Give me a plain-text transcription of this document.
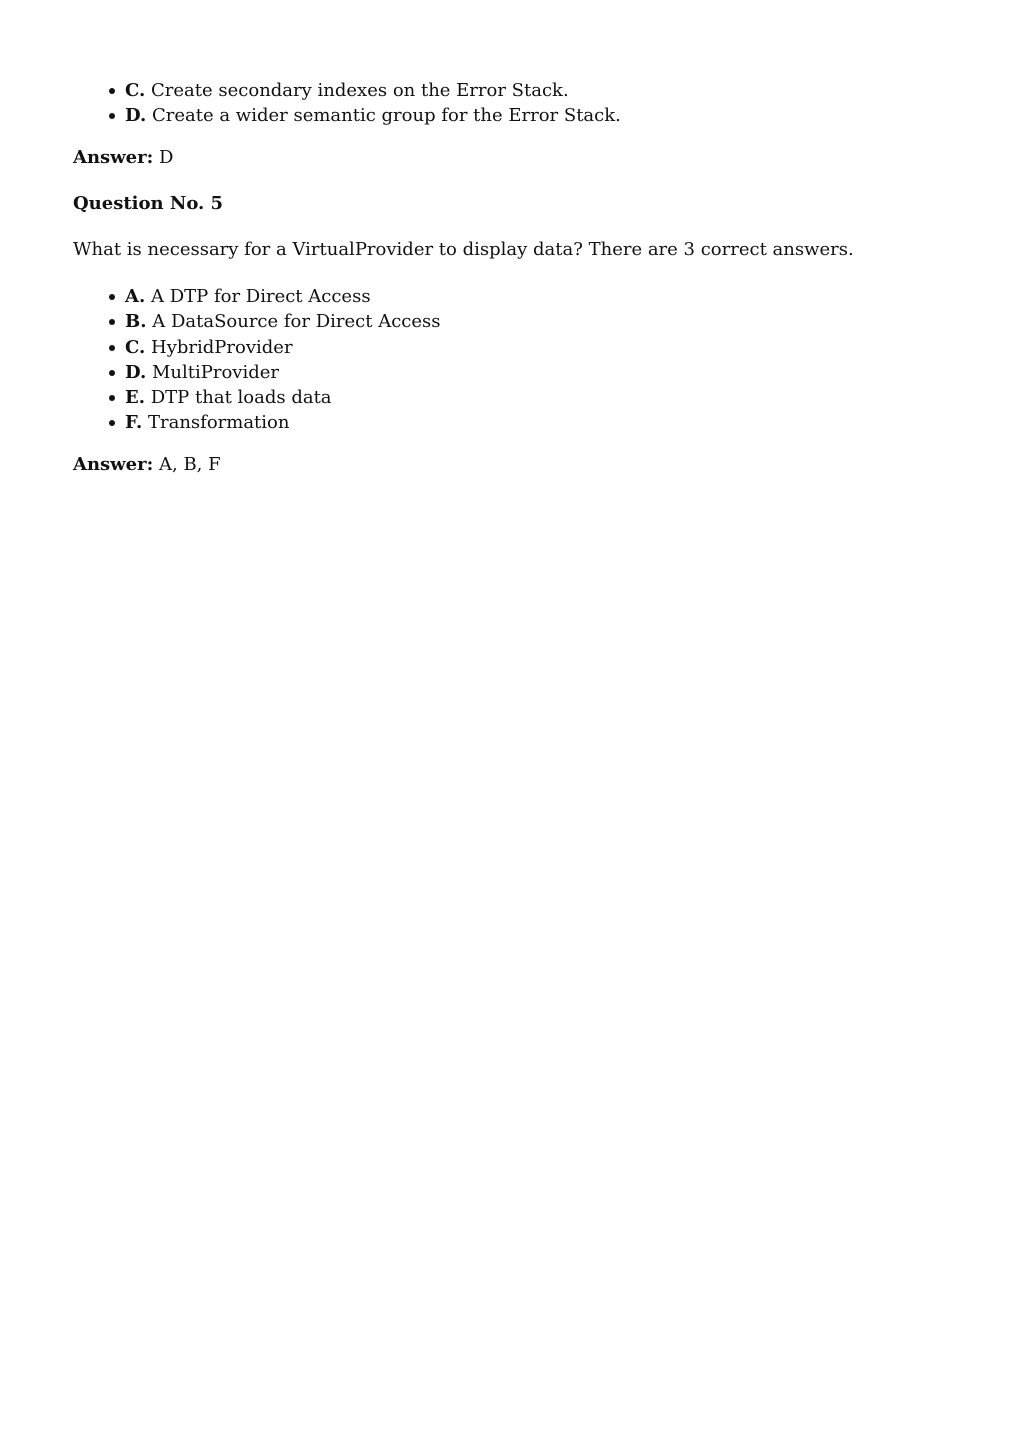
C. Create secondary indexes on the Error Stack.
D. Create a wider semantic group for the Error Stack.
Answer: D
Question No. 5
What is necessary for a VirtualProvider to display data? There are 3 correct answers.
A. A DTP for Direct Access
B. A DataSource for Direct Access
C. HybridProvider
D. MultiProvider
E. DTP that loads data
F. Transformation
Answer: A, B, F
